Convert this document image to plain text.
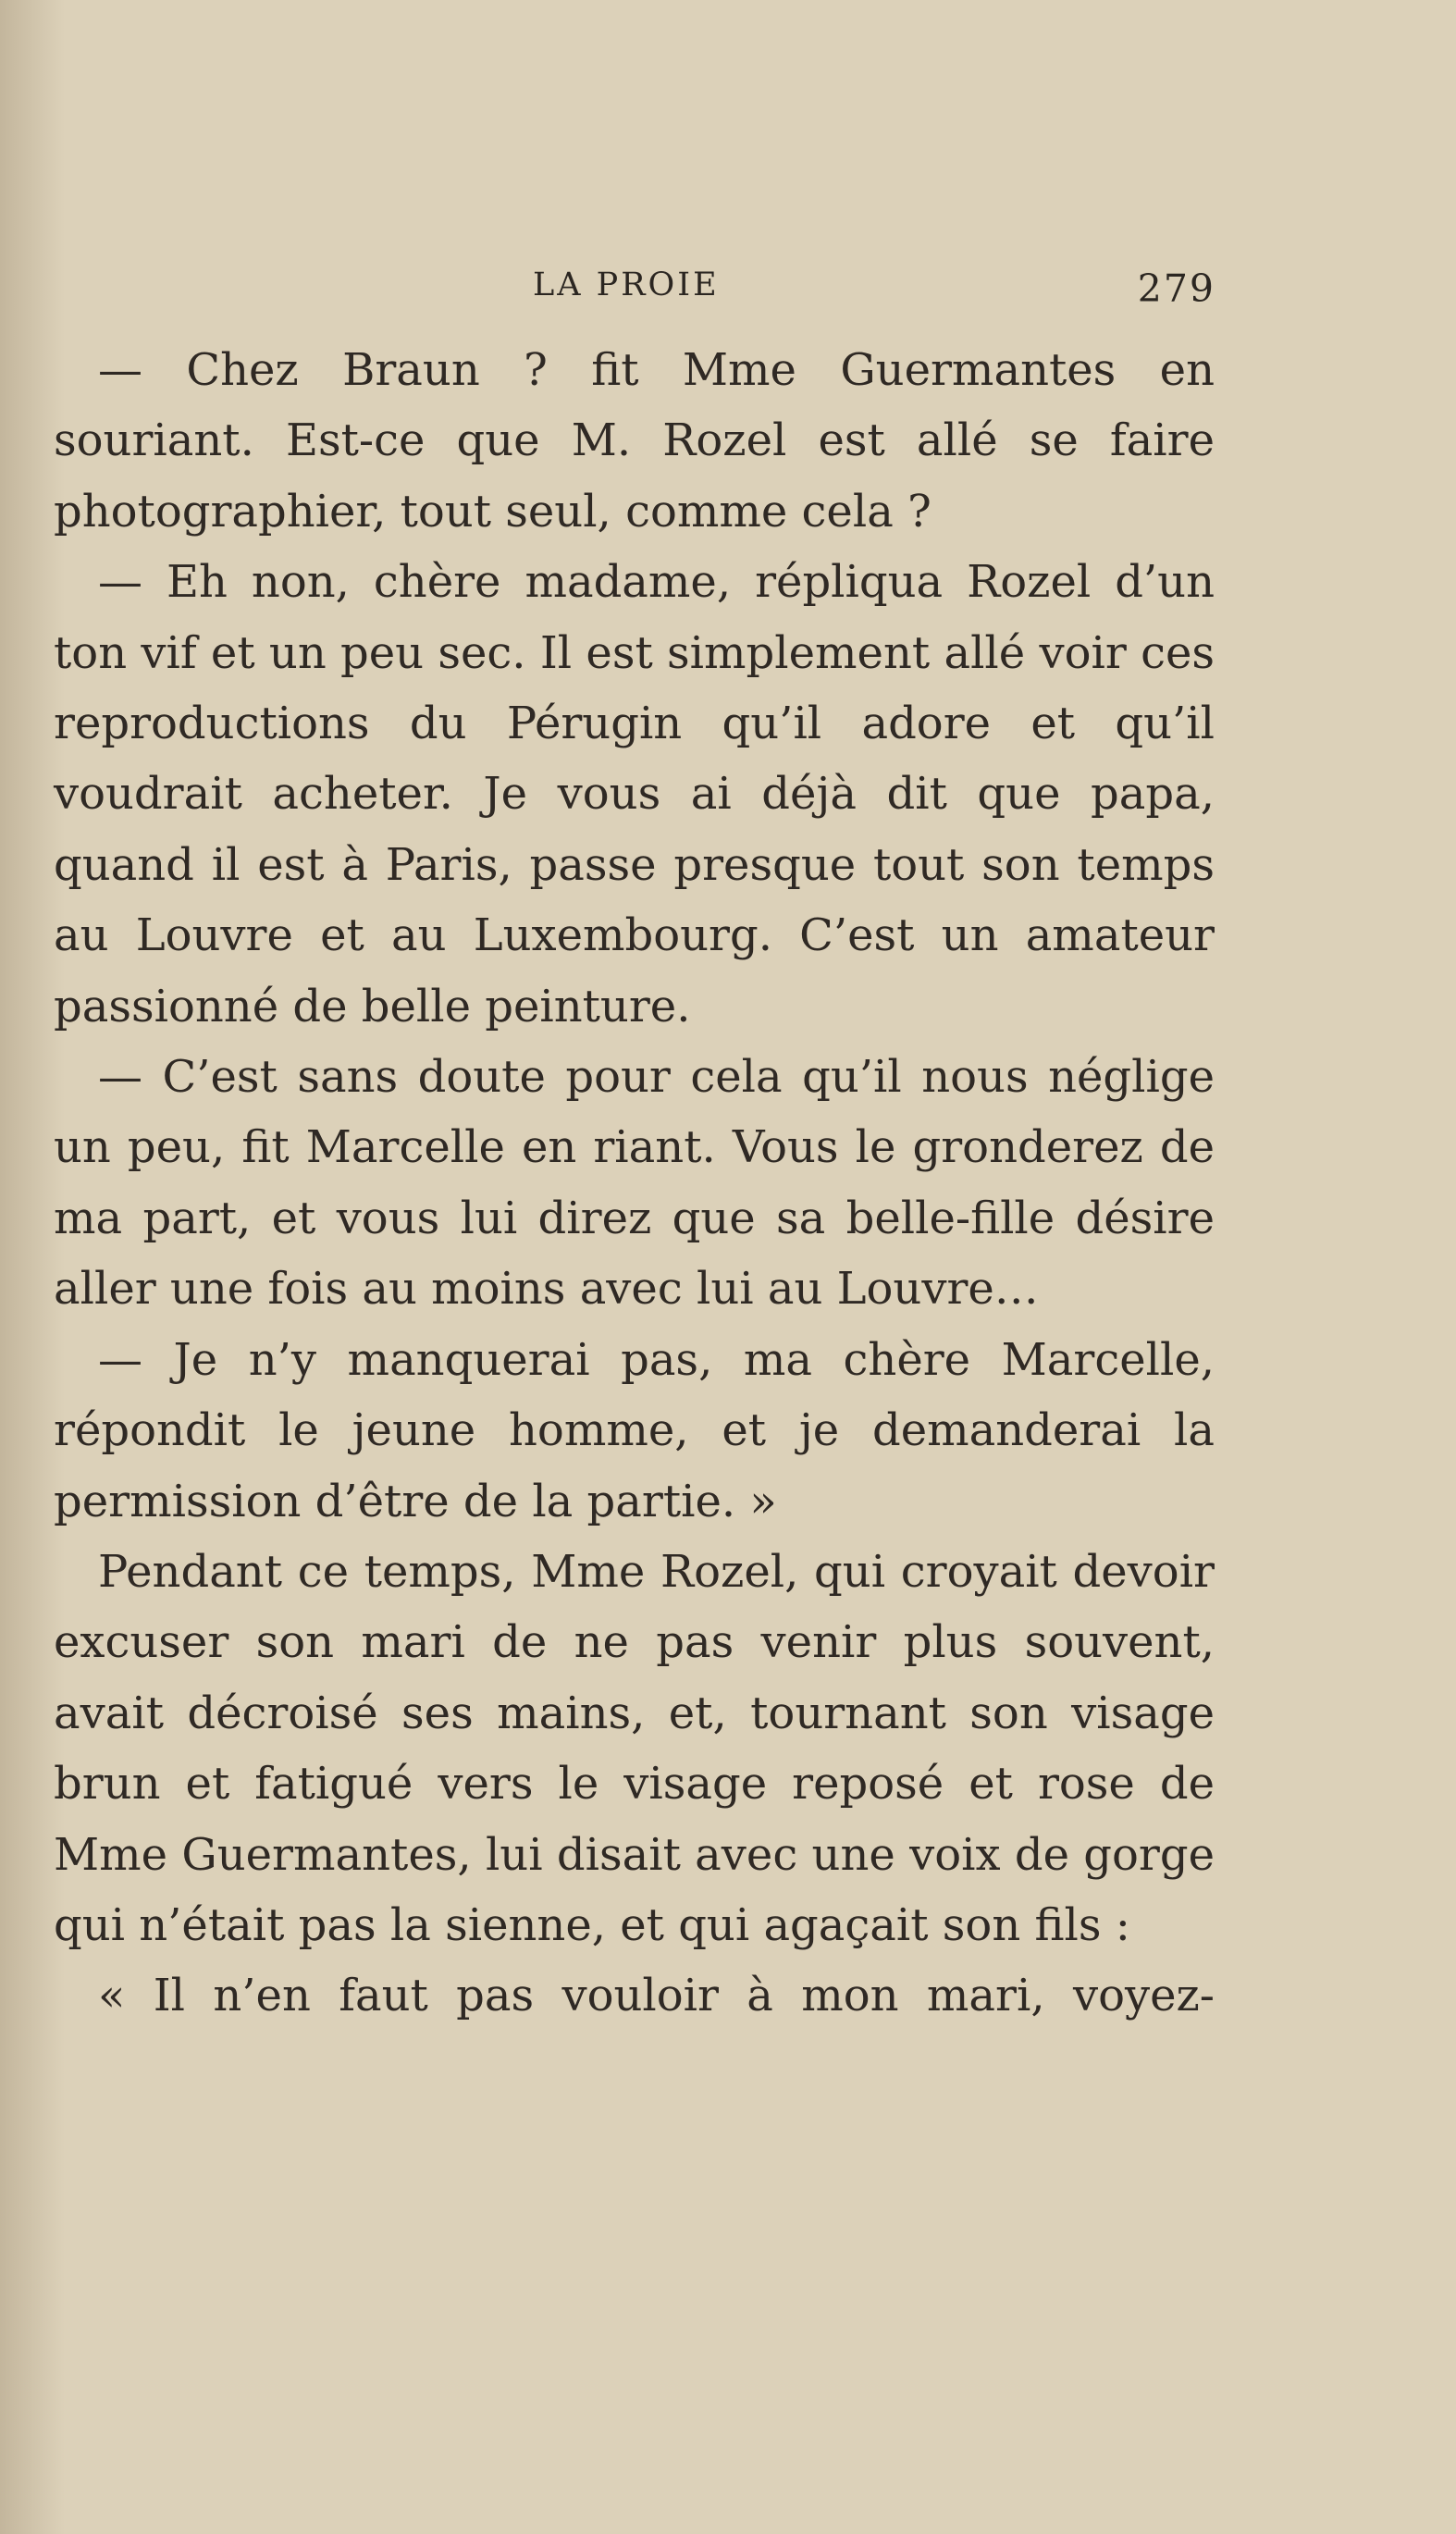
LA PROIE	279

— Chez Braun ? fit Mme Guermantes en souriant. Est-ce que M. Rozel est allé se faire photographier, tout seul, comme cela ?

— Eh non, chère madame, répliqua Rozel d’un ton vif et un peu sec. Il est simplement allé voir ces reproductions du Pérugin qu’il adore et qu’il voudrait acheter. Je vous ai déjà dit que papa, quand il est à Paris, passe presque tout son temps au Louvre et au Luxembourg. C’est un amateur passionné de belle peinture.

— C’est sans doute pour cela qu’il nous néglige un peu, fit Marcelle en riant. Vous le gronderez de ma part, et vous lui direz que sa belle-fille désire aller une fois au moins avec lui au Louvre…

— Je n’y manquerai pas, ma chère Marcelle, répondit le jeune homme, et je demanderai la permission d’être de la partie. »

Pendant ce temps, Mme Rozel, qui croyait devoir excuser son mari de ne pas venir plus souvent, avait décroisé ses mains, et, tournant son visage brun et fatigué vers le visage reposé et rose de Mme Guermantes, lui disait avec une voix de gorge qui n’était pas la sienne, et qui agaçait son fils :

« Il n’en faut pas vouloir à mon mari, voyez-
